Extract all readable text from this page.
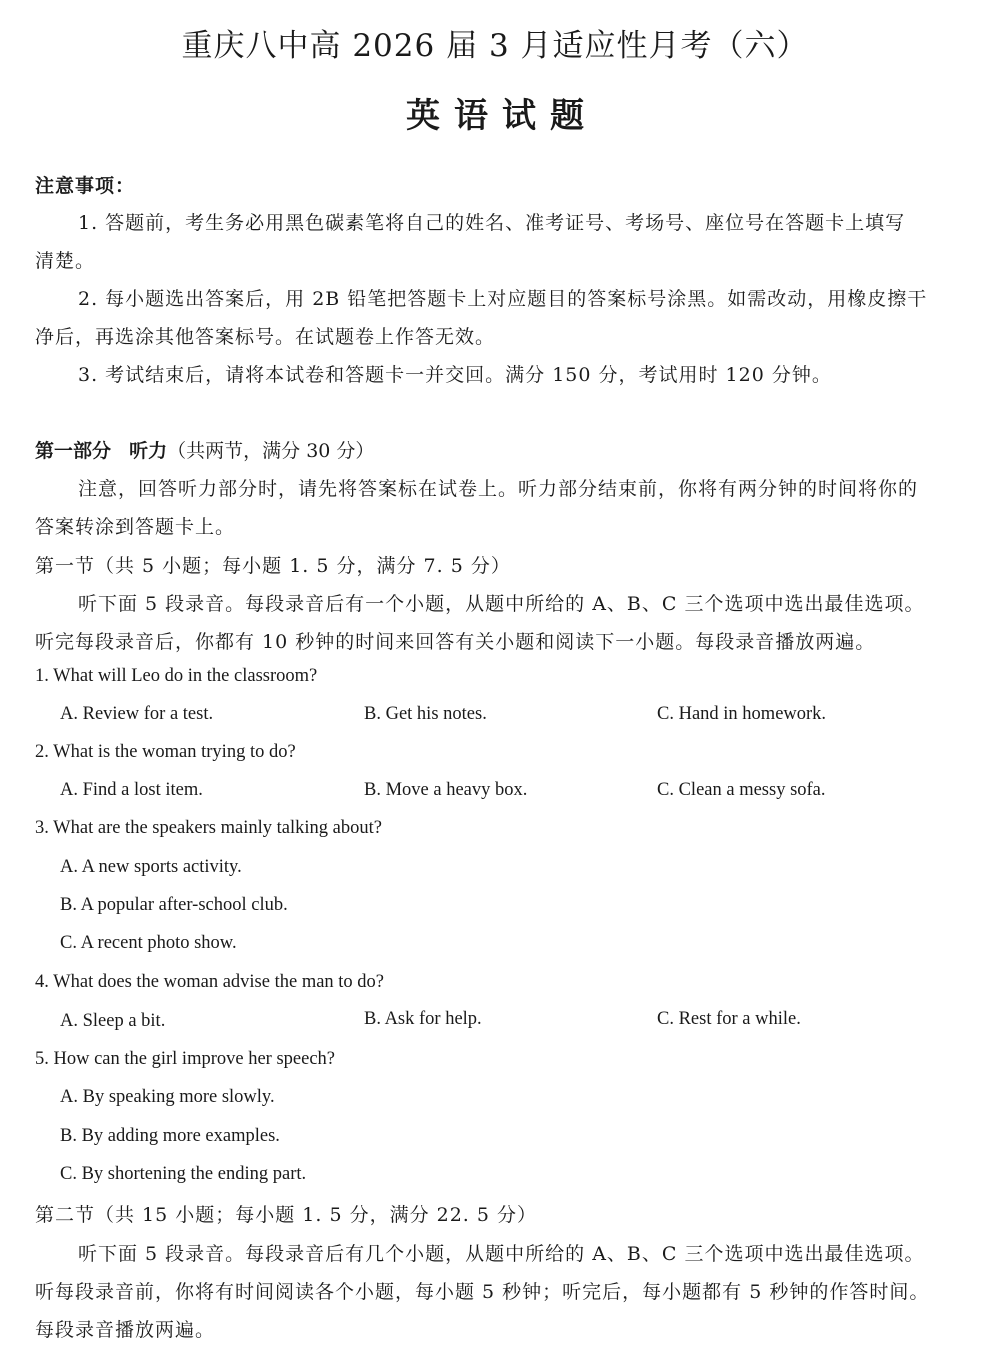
重庆八中高 2026 届 3 月适应性月考（六）
英语试题
注意事项：
1. 答题前，考生务必用黑色碳素笔将自己的姓名、准考证号、考场号、座位号在答题卡上填写
清楚。
2. 每小题选出答案后，用 2B 铅笔把答题卡上对应题目的答案标号涂黑。如需改动，用橡皮擦干
净后，再选涂其他答案标号。在试题卷上作答无效。
3. 考试结束后，请将本试卷和答题卡一并交回。满分 150 分，考试用时 120 分钟。
第一部分 听力（共两节，满分 30 分）
注意，回答听力部分时，请先将答案标在试卷上。听力部分结束前，你将有两分钟的时间将你的
答案转涂到答题卡上。
第一节（共 5 小题；每小题 1. 5 分，满分 7. 5 分）
听下面 5 段录音。每段录音后有一个小题，从题中所给的 A、B、C 三个选项中选出最佳选项。
听完每段录音后，你都有 10 秒钟的时间来回答有关小题和阅读下一小题。每段录音播放两遍。
1. What will Leo do in the classroom?
A. Review for a test.	B. Get his notes.	C. Hand in homework.
2. What is the woman trying to do?
A. Find a lost item.	B. Move a heavy box.	C. Clean a messy sofa.
3. What are the speakers mainly talking about?
A. A new sports activity.
B. A popular after-school club.
C. A recent photo show.
4. What does the woman advise the man to do?
A. Sleep a bit.	B. Ask for help.	C. Rest for a while.
5. How can the girl improve her speech?
A. By speaking more slowly.
B. By adding more examples.
C. By shortening the ending part.
第二节（共 15 小题；每小题 1. 5 分，满分 22. 5 分）
听下面 5 段录音。每段录音后有几个小题，从题中所给的 A、B、C 三个选项中选出最佳选项。
听每段录音前，你将有时间阅读各个小题，每小题 5 秒钟；听完后，每小题都有 5 秒钟的作答时间。
每段录音播放两遍。
